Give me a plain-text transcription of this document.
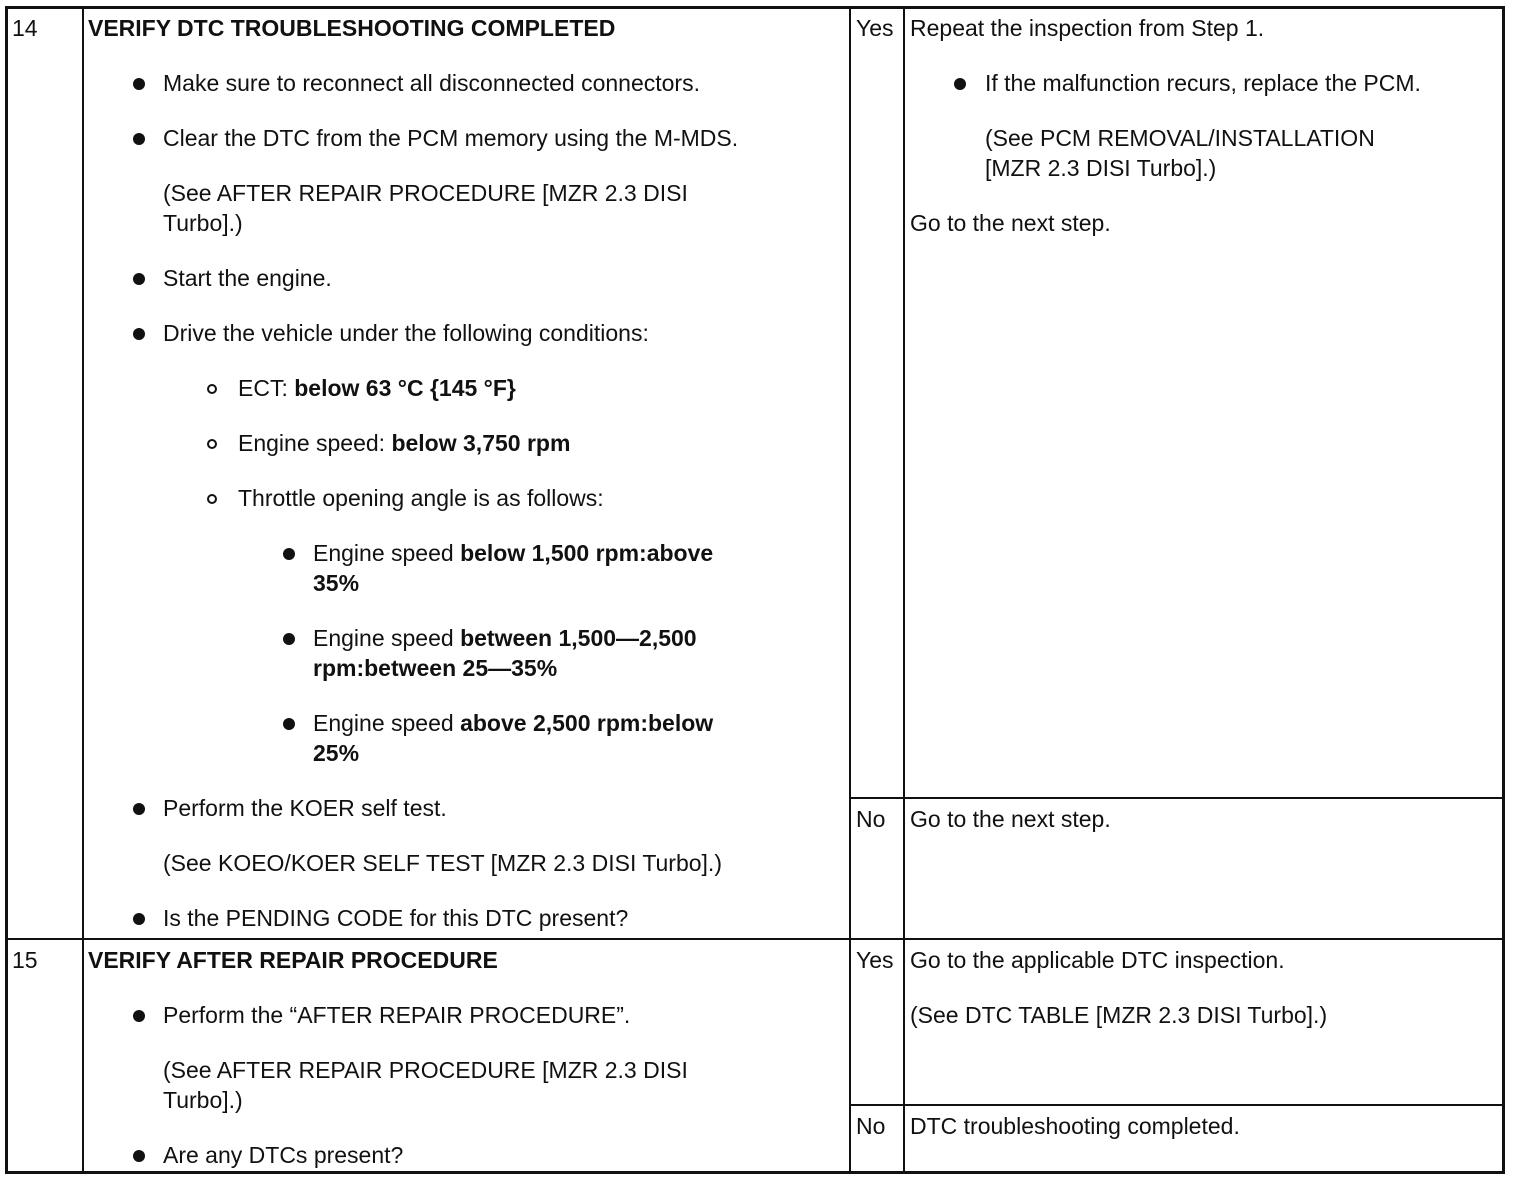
14 VERIFY DTC TROUBLESHOOTING COMPLETED
Make sure to reconnect all disconnected connectors.
Clear the DTC from the PCM memory using the M-MDS.
(See AFTER REPAIR PROCEDURE [MZR 2.3 DISI
Turbo].)
Start the engine.
Drive the vehicle under the following conditions:
ECT: below 63 °C {145 °F}
Engine speed: below 3,750 rpm
Throttle opening angle is as follows:
Engine speed below 1,500 rpm:above
35%
Engine speed between 1,500—2,500
rpm:between 25—35%
Engine speed above 2,500 rpm:below
25%
Perform the KOER self test.
(See KOEO/KOER SELF TEST [MZR 2.3 DISI Turbo].)
Is the PENDING CODE for this DTC present?
Yes Repeat the inspection from Step 1.
If the malfunction recurs, replace the PCM.
(See PCM REMOVAL/INSTALLATION
[MZR 2.3 DISI Turbo].)
Go to the next step.
No Go to the next step.
15 VERIFY AFTER REPAIR PROCEDURE
Perform the “AFTER REPAIR PROCEDURE”.
(See AFTER REPAIR PROCEDURE [MZR 2.3 DISI
Turbo].)
Are any DTCs present?
Yes Go to the applicable DTC inspection.
(See DTC TABLE [MZR 2.3 DISI Turbo].)
No DTC troubleshooting completed.
